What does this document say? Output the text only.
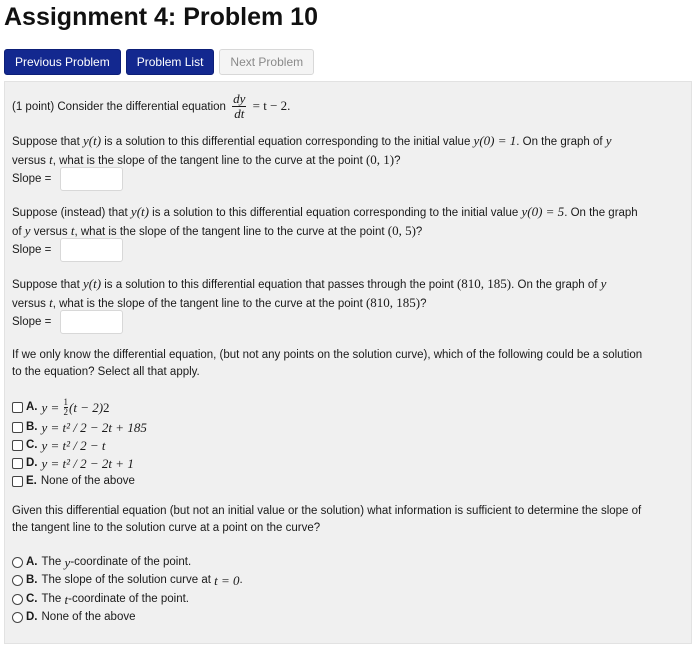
Assignment 4: Problem 10
Previous Problem	Problem List	Next Problem
(1 point) Consider the differential equation $\frac{dy}{dt} = t - 2$.
Suppose that y(t) is a solution to this differential equation corresponding to the initial value y(0) = 1. On the graph of y
versus t, what is the slope of the tangent line to the curve at the point (0, 1)?
Slope =
Suppose (instead) that y(t) is a solution to this differential equation corresponding to the initial value y(0) = 5. On the graph
of y versus t, what is the slope of the tangent line to the curve at the point (0, 5)?
Slope =
Suppose that y(t) is a solution to this differential equation that passes through the point (810, 185). On the graph of y
versus t, what is the slope of the tangent line to the curve at the point (810, 185)?
Slope =
If we only know the differential equation, (but not any points on the solution curve), which of the following could be a solution
to the equation? Select all that apply.
A. y =
$\frac{1}{2} (t - 2)$ 2
B. y = t² / 2 − 2t + 185
C. y = t² / 2 − t
D. y = t² / 2 − 2t + 1
E. None of the above
Given this differential equation (but not an initial value or the solution) what information is sufficient to determine the slope of
the tangent line to the solution curve at a point on the curve?
A. The
y -coordinate of the point.
B. The slope of the solution curve at
t = 0 .
C. The
t -coordinate of the point.
D. None of the above
